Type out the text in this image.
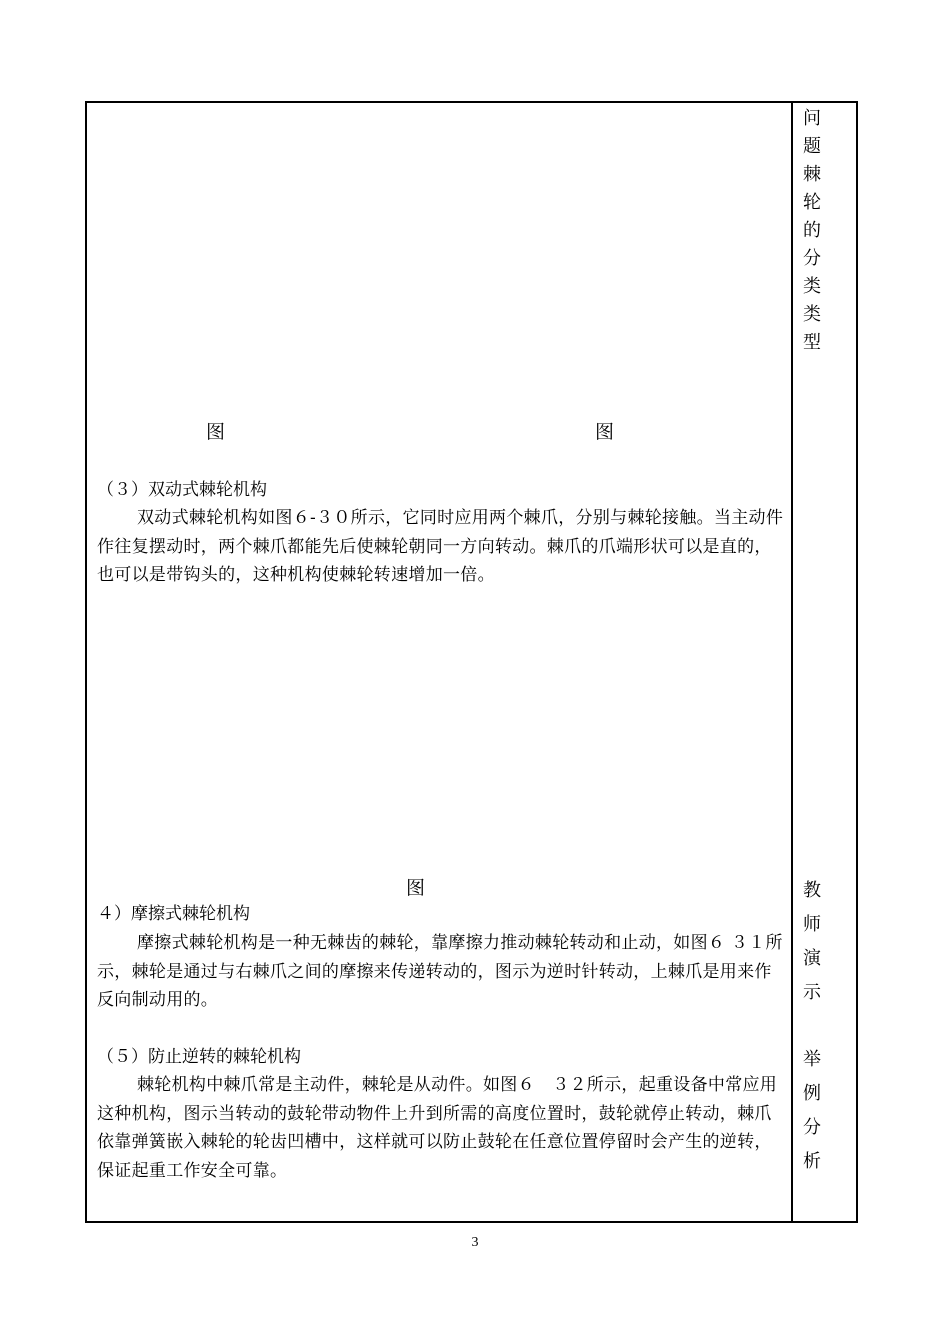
图	图
（３）双动式棘轮机构
双动式棘轮机构如图６-３０所示，它同时应用两个棘爪，分别与棘轮接触。当主动件作往复摆动时，两个棘爪都能先后使棘轮朝同一方向转动。棘爪的爪端形状可以是直的，也可以是带钩头的，这种机构使棘轮转速增加一倍。
图
４）摩擦式棘轮机构
摩擦式棘轮机构是一种无棘齿的棘轮，靠摩擦力推动棘轮转动和止动，如图６ ３１所示，棘轮是通过与右棘爪之间的摩擦来传递转动的，图示为逆时针转动，上棘爪是用来作反向制动用的。
（５）防止逆转的棘轮机构
棘轮机构中棘爪常是主动件，棘轮是从动件。如图６　３２所示，起重设备中常应用这种机构，图示当转动的鼓轮带动物件上升到所需的高度位置时，鼓轮就停止转动，棘爪依靠弹簧嵌入棘轮的轮齿凹槽中，这样就可以防止鼓轮在任意位置停留时会产生的逆转，保证起重工作安全可靠。
问题棘轮的分类类型
教师演示
举例分析
3
